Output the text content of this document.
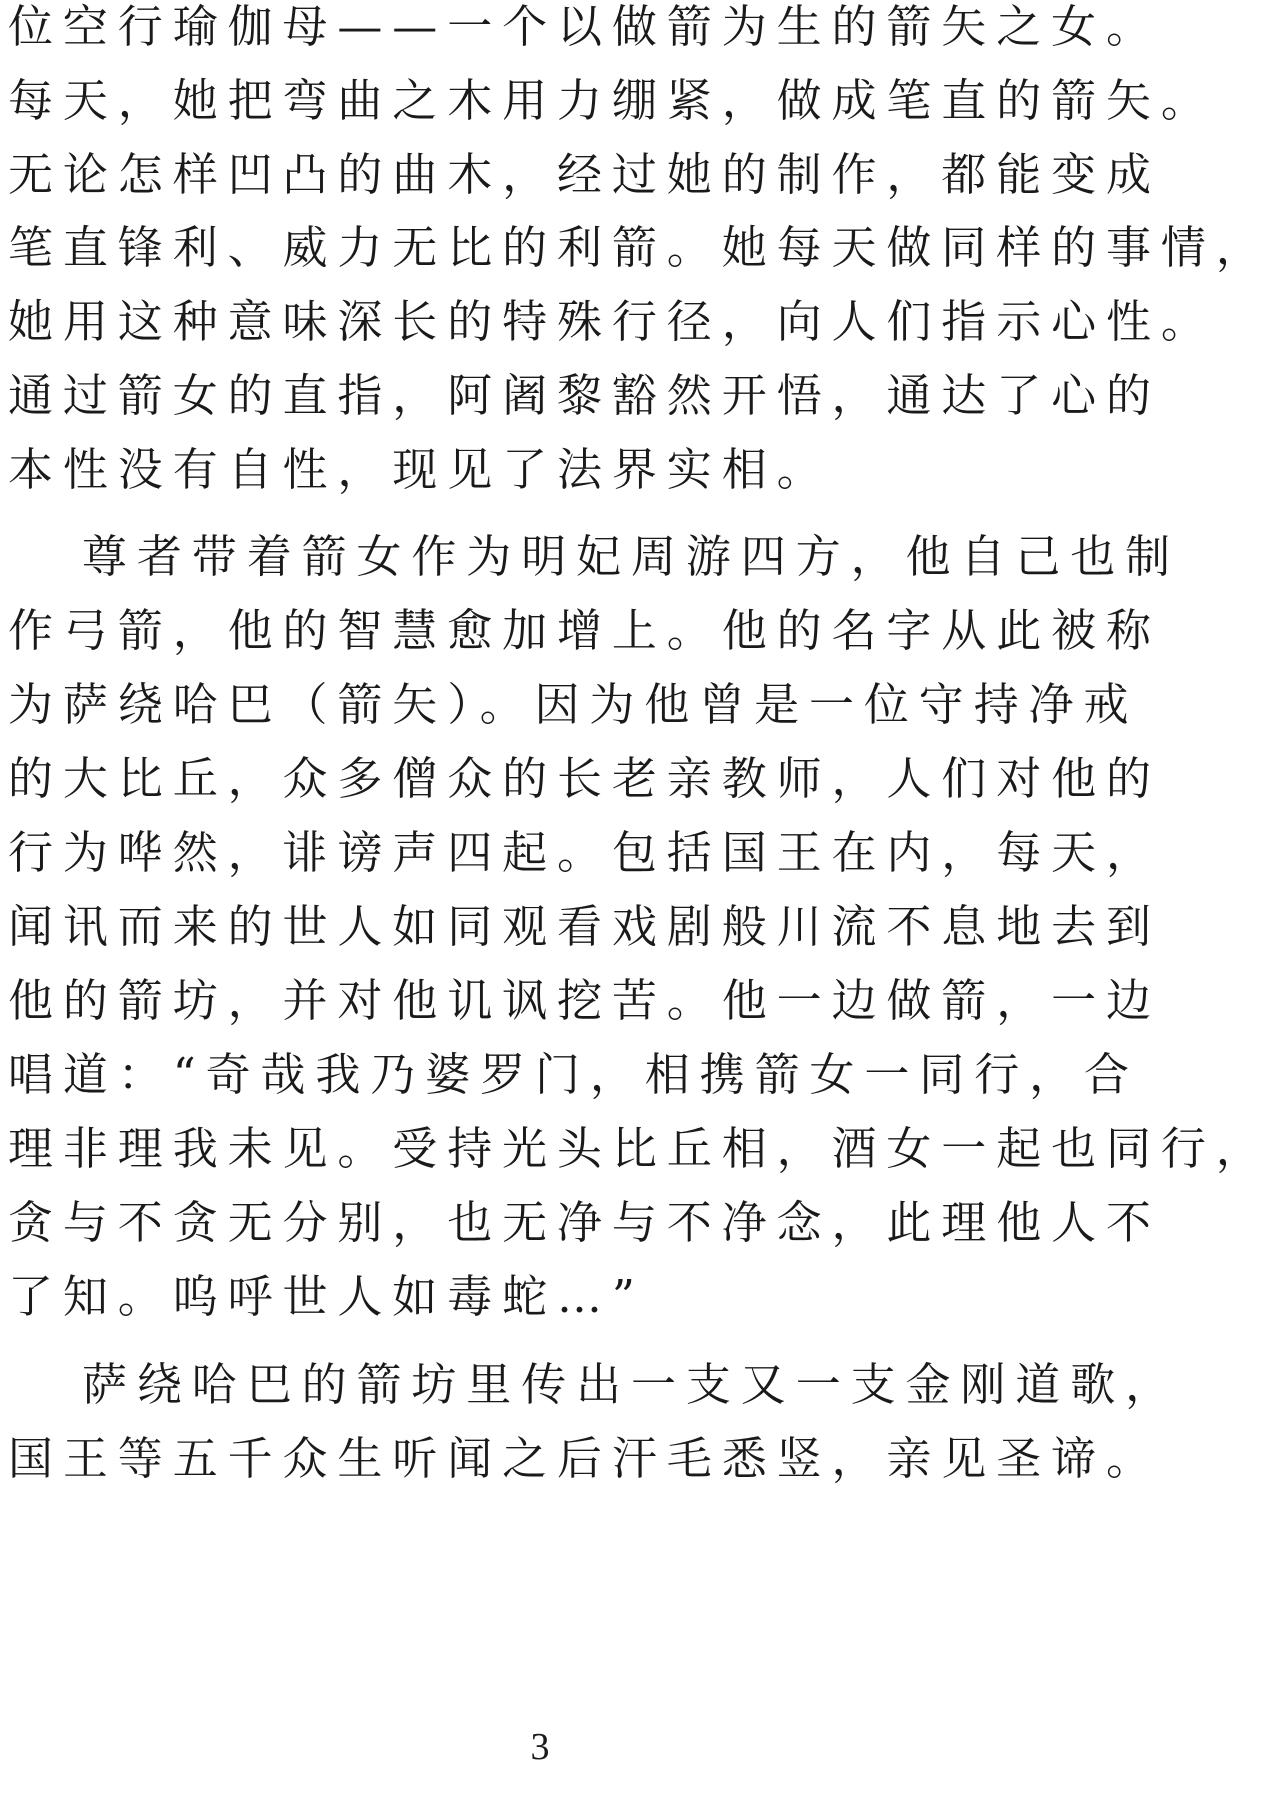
位空行瑜伽母——一个以做箭为生的箭矢之女。
每天，她把弯曲之木用力绷紧，做成笔直的箭矢。
无论怎样凹凸的曲木，经过她的制作，都能变成
笔直锋利、威力无比的利箭。她每天做同样的事情，
她用这种意味深长的特殊行径，向人们指示心性。
通过箭女的直指，阿阇黎豁然开悟，通达了心的
本性没有自性，现见了法界实相。
尊者带着箭女作为明妃周游四方，他自己也制
作弓箭，他的智慧愈加增上。他的名字从此被称
为萨绕哈巴（箭矢）。因为他曾是一位守持净戒
的大比丘，众多僧众的长老亲教师，人们对他的
行为哗然，诽谤声四起。包括国王在内，每天，
闻讯而来的世人如同观看戏剧般川流不息地去到
他的箭坊，并对他讥讽挖苦。他一边做箭，一边
唱道：“奇哉我乃婆罗门，相携箭女一同行，合
理非理我未见。受持光头比丘相，酒女一起也同行，
贪与不贪无分别，也无净与不净念，此理他人不
了知。呜呼世人如毒蛇…”
萨绕哈巴的箭坊里传出一支又一支金刚道歌，
国王等五千众生听闻之后汗毛悉竖，亲见圣谛。
3
